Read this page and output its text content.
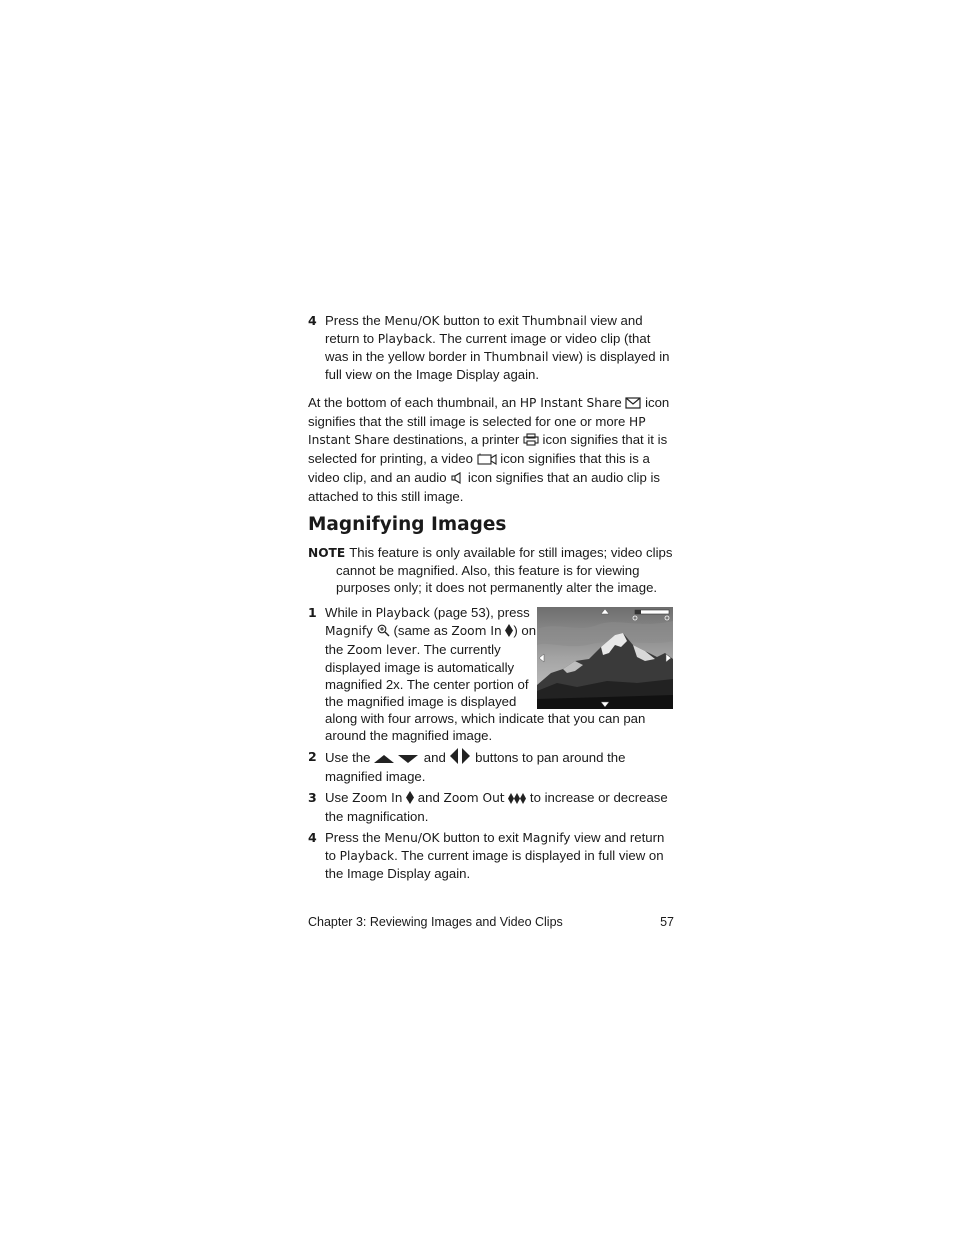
4 Press the Menu/OK button to exit Thumbnail view and return to Playback. The current image or video clip (that was in the yellow border in Thumbnail view) is displayed in full view on the Image Display again.

At the bottom of each thumbnail, an HP Instant Share  icon signifies that the still image is selected for one or more HP Instant Share destinations, a printer  icon signifies that it is selected for printing, a video  icon signifies that this is a video clip, and an audio  icon signifies that an audio clip is attached to this still image.

Magnifying Images

NOTE This feature is only available for still images; video clips cannot be magnified. Also, this feature is for viewing purposes only; it does not permanently alter the image.

1 While in Playback (page 53), press Magnify  (same as Zoom In ) on the Zoom lever. The currently displayed image is automatically magnified 2x. The center portion of the magnified image is displayed along with four arrows, which indicate that you can pan around the magnified image.
2 Use the	and  buttons to pan around the magnified image.
3 Use Zoom In  and Zoom Out  to increase or decrease the magnification.
4 Press the Menu/OK button to exit Magnify view and return to Playback. The current image is displayed in full view on the Image Display again.
Chapter 3: Reviewing Images and Video Clips	57
